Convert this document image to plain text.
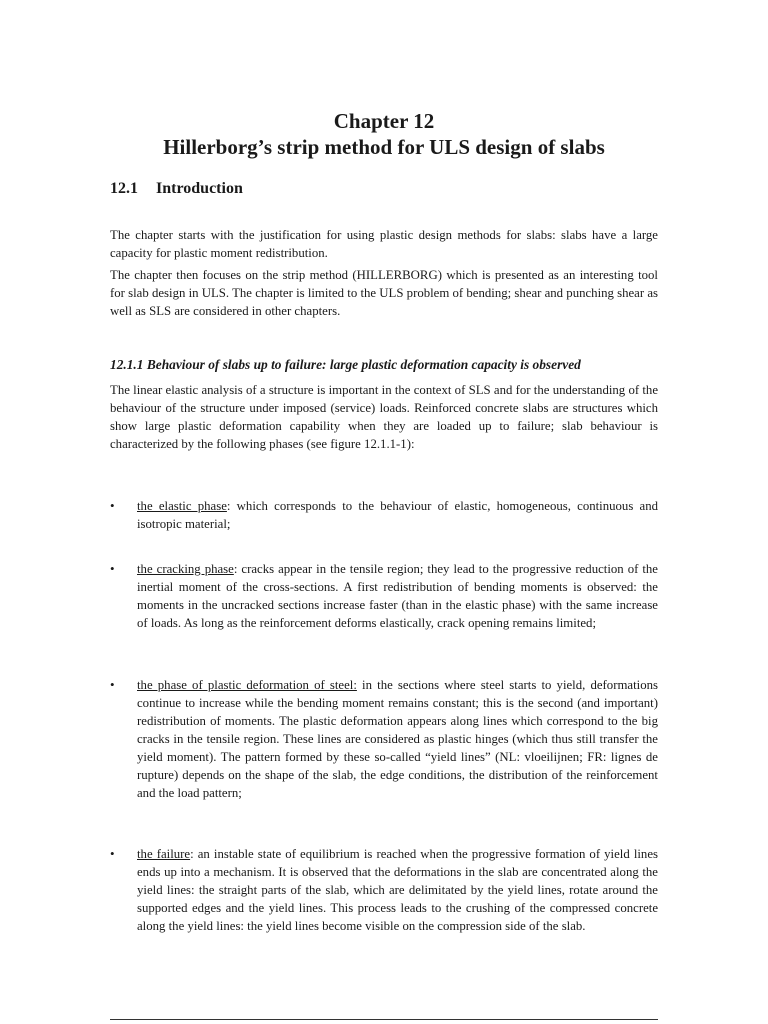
Chapter 12
Hillerborg’s strip method for ULS design of slabs
12.1 Introduction

The chapter starts with the justification for using plastic design methods for slabs: slabs have a large capacity for plastic moment redistribution.

The chapter then focuses on the strip method (HILLERBORG) which is presented as an interesting tool for slab design in ULS. The chapter is limited to the ULS problem of bending; shear and punching shear as well as SLS are considered in other chapters.

12.1.1 Behaviour of slabs up to failure: large plastic deformation capacity is observed

The linear elastic analysis of a structure is important in the context of SLS and for the understanding of the behaviour of the structure under imposed (service) loads. Reinforced concrete slabs are structures which show large plastic deformation capability when they are loaded up to failure; slab behaviour is characterized by the following phases (see figure 12.1.1-1):

• the elastic phase: which corresponds to the behaviour of elastic, homogeneous, continuous and isotropic material;

• the cracking phase: cracks appear in the tensile region; they lead to the progressive reduction of the inertial moment of the cross-sections. A first redistribution of bending moments is observed: the moments in the uncracked sections increase faster (than in the elastic phase) with the same increase of loads. As long as the reinforcement deforms elastically, crack opening remains limited;

• the phase of plastic deformation of steel: in the sections where steel starts to yield, deformations continue to increase while the bending moment remains constant; this is the second (and important) redistribution of moments. The plastic deformation appears along lines which correspond to the big cracks in the tensile region. These lines are considered as plastic hinges (which thus still transfer the yield moment). The pattern formed by these so-called “yield lines” (NL: vloeilijnen; FR: lignes de rupture) depends on the shape of the slab, the edge conditions, the distribution of the reinforcement and the load pattern;

• the failure: an instable state of equilibrium is reached when the progressive formation of yield lines ends up into a mechanism. It is observed that the deformations in the slab are concentrated along the yield lines: the straight parts of the slab, which are delimitated by the yield lines, rotate around the supported edges and the yield lines. This process leads to the crushing of the compressed concrete along the yield lines: the yield lines become visible on the compression side of the slab.
